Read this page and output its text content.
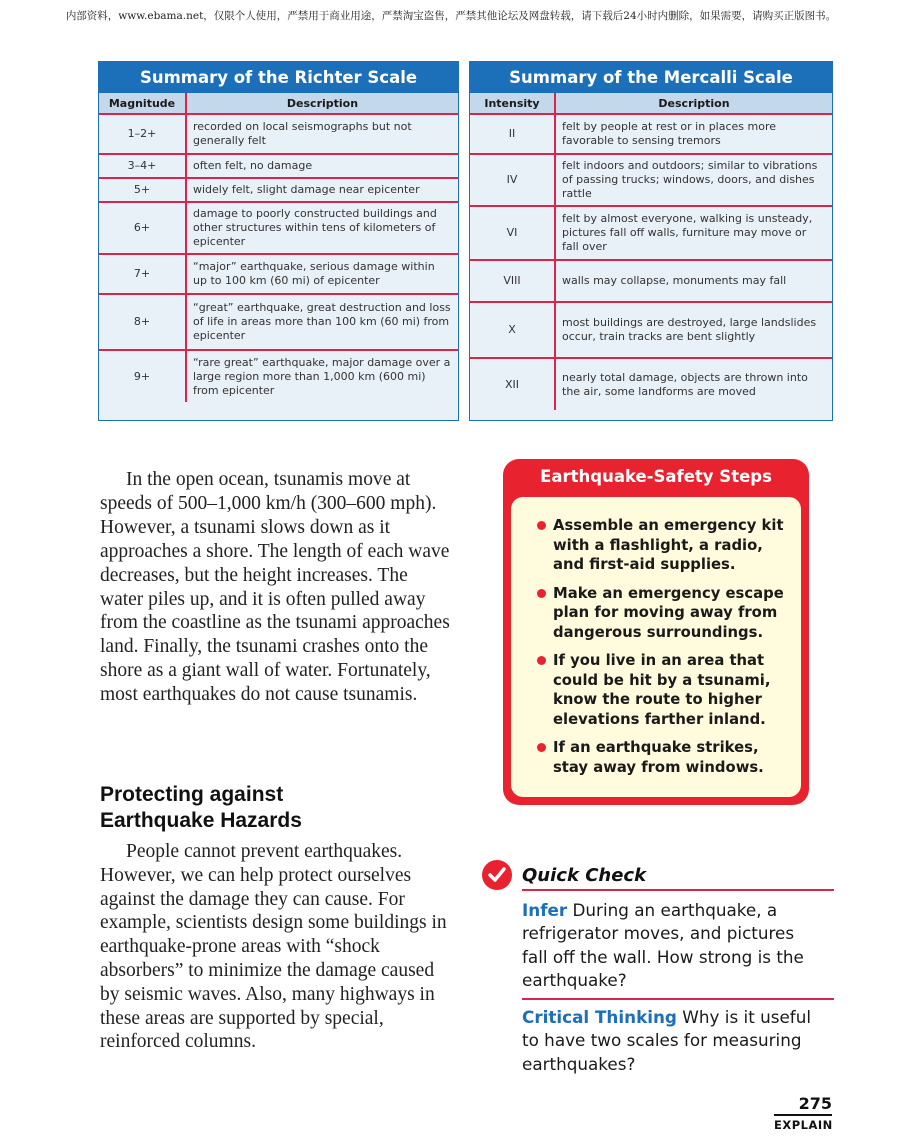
内部资料，www.ebama.net，仅限个人使用，严禁用于商业用途，严禁淘宝盗售，严禁其他论坛及网盘转载，请下载后24小时内删除，如果需要，请购买正版图书。
Summary of the Richter Scale
Magnitude	Description
1–2+	recorded on local seismographs but not generally felt
3–4+	often felt, no damage
5+	widely felt, slight damage near epicenter
6+	damage to poorly constructed buildings and other structures within tens of kilometers of epicenter
7+	“major” earthquake, serious damage within up to 100 km (60 mi) of epicenter
8+	“great” earthquake, great destruction and loss of life in areas more than 100 km (60 mi) from epicenter
9+	“rare great” earthquake, major damage over a large region more than 1,000 km (600 mi) from epicenter
Summary of the Mercalli Scale
Intensity	Description
II	felt by people at rest or in places more favorable to sensing tremors
IV	felt indoors and outdoors; similar to vibrations of passing trucks; windows, doors, and dishes rattle
VI	felt by almost everyone, walking is unsteady, pictures fall off walls, furniture may move or fall over
VIII	walls may collapse, monuments may fall
X	most buildings are destroyed, large landslides occur, train tracks are bent slightly
XII	nearly total damage, objects are thrown into the air, some landforms are moved

In the open ocean, tsunamis move at speeds of 500–1,000 km/h (300–600 mph). However, a tsunami slows down as it approaches a shore. The length of each wave decreases, but the height increases. The water piles up, and it is often pulled away from the coastline as the tsunami approaches land. Finally, the tsunami crashes onto the shore as a giant wall of water. Fortunately, most earthquakes do not cause tsunamis.

Protecting against
Earthquake Hazards

People cannot prevent earthquakes. However, we can help protect ourselves against the damage they can cause. For example, scientists design some buildings in earthquake-prone areas with “shock absorbers” to minimize the damage caused by seismic waves. Also, many highways in these areas are supported by special, reinforced columns.

Earthquake-Safety Steps
Assemble an emergency kit with a flashlight, a radio, and first-aid supplies.
Make an emergency escape plan for moving away from dangerous surroundings.
If you live in an area that could be hit by a tsunami, know the route to higher elevations farther inland.
If an earthquake strikes, stay away from windows.
Quick Check
Infer During an earthquake, a refrigerator moves, and pictures fall off the wall. How strong is the earthquake?
Critical Thinking Why is it useful to have two scales for measuring earthquakes?
275
EXPLAIN
